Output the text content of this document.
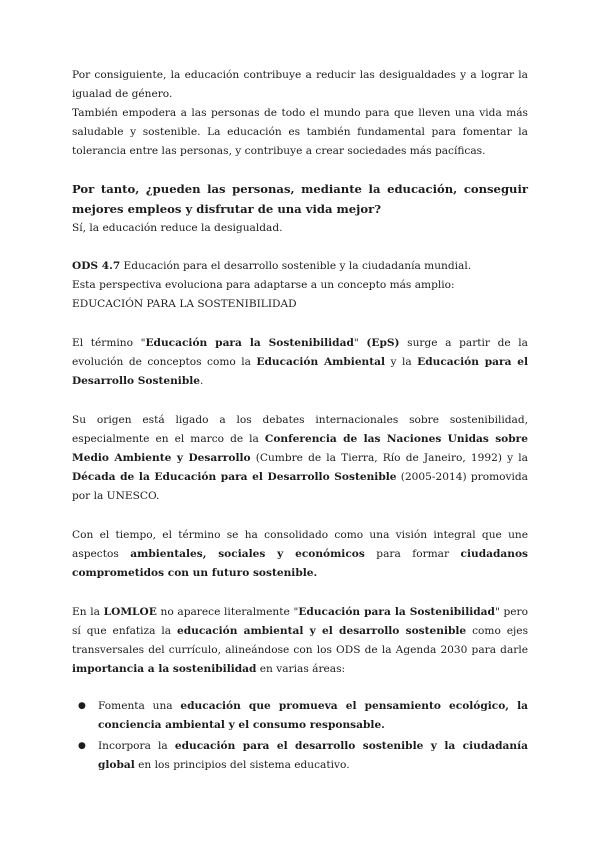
Por consiguiente, la educación contribuye a reducir las desigualdades y a lograr la igualad de género.

También empodera a las personas de todo el mundo para que lleven una vida más saludable y sostenible. La educación es también fundamental para fomentar la tolerancia entre las personas, y contribuye a crear sociedades más pacíficas.

Por tanto, ¿pueden las personas, mediante la educación, conseguir mejores empleos y disfrutar de una vida mejor?

Sí, la educación reduce la desigualdad.

ODS 4.7 Educación para el desarrollo sostenible y la ciudadanía mundial.

Esta perspectiva evoluciona para adaptarse a un concepto más amplio: EDUCACIÓN PARA LA SOSTENIBILIDAD

El término "Educación para la Sostenibilidad" (EpS) surge a partir de la evolución de conceptos como la Educación Ambiental y la Educación para el Desarrollo Sostenible.

Su origen está ligado a los debates internacionales sobre sostenibilidad, especialmente en el marco de la Conferencia de las Naciones Unidas sobre Medio Ambiente y Desarrollo (Cumbre de la Tierra, Río de Janeiro, 1992) y la Década de la Educación para el Desarrollo Sostenible (2005-2014) promovida por la UNESCO.

Con el tiempo, el término se ha consolidado como una visión integral que une aspectos ambientales, sociales y económicos para formar ciudadanos comprometidos con un futuro sostenible.

En la LOMLOE no aparece literalmente "Educación para la Sostenibilidad" pero sí que enfatiza la educación ambiental y el desarrollo sostenible como ejes transversales del currículo, alineándose con los ODS de la Agenda 2030 para darle importancia a la sostenibilidad en varias áreas:

● Fomenta una educación que promueva el pensamiento ecológico, la conciencia ambiental y el consumo responsable.
● Incorpora la educación para el desarrollo sostenible y la ciudadanía global en los principios del sistema educativo.
